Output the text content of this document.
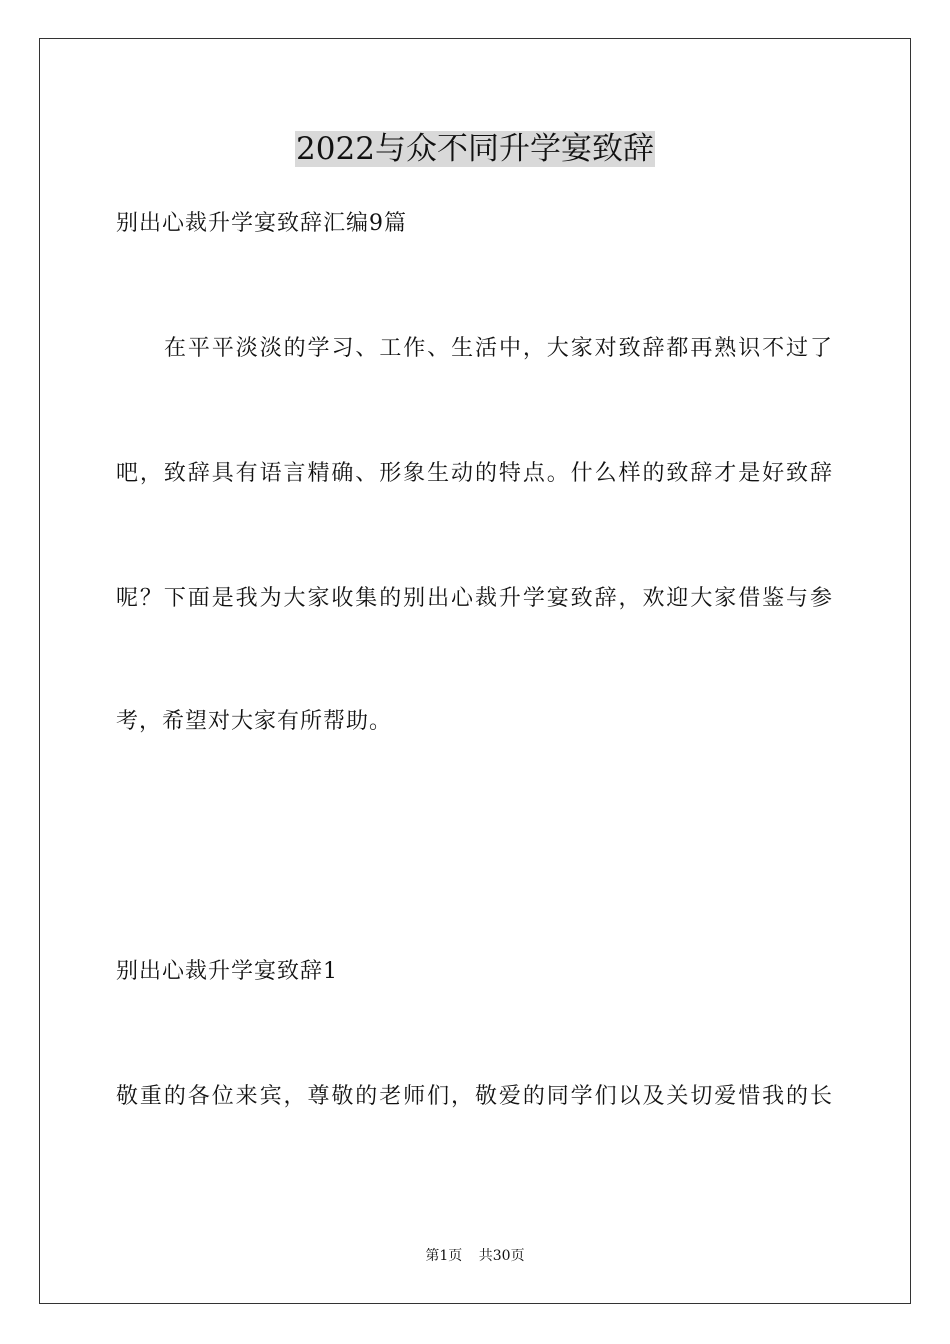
2022与众不同升学宴致辞
别出心裁升学宴致辞汇编9篇
在平平淡淡的学习、工作、生活中，大家对致辞都再熟识不过了
吧，致辞具有语言精确、形象生动的特点。什么样的致辞才是好致辞
呢？下面是我为大家收集的别出心裁升学宴致辞，欢迎大家借鉴与参
考，希望对大家有所帮助。
别出心裁升学宴致辞1
敬重的各位来宾，尊敬的老师们，敬爱的同学们以及关切爱惜我的长
第1页 共30页
